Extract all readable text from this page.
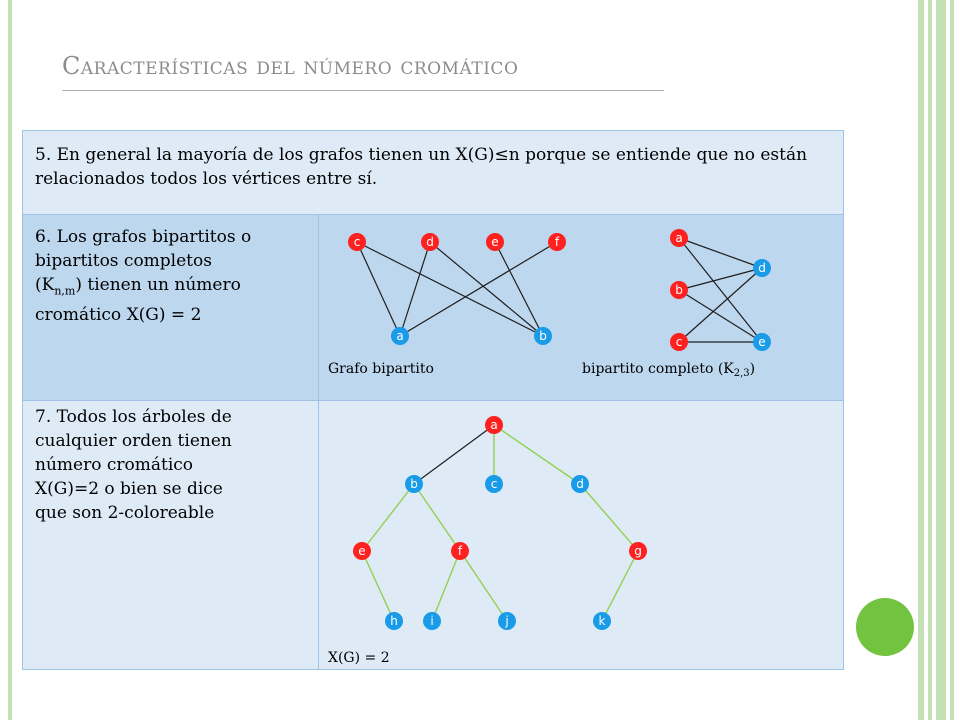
CARACTERÍSTICAS DEL NÚMERO CROMÁTICO
5. En general la mayoría de los grafos tienen un X(G)≤n porque se entiende que no están relacionados todos los vértices entre sí.
6. Los grafos bipartitos o
bipartitos completos
$(K_{n,m})$ tienen un número
cromático X(G) = 2
7. Todos los árboles de
cualquier orden tienen
número cromático
X(G)=2 o bien se dice
que son 2-coloreable
c	d	e	f
a	b
a
b
c
d
e
a
b	c	d
e	f	g
h	i	j	k
Grafo bipartito	bipartito completo $(K_{2,3})$
X(G) = 2
